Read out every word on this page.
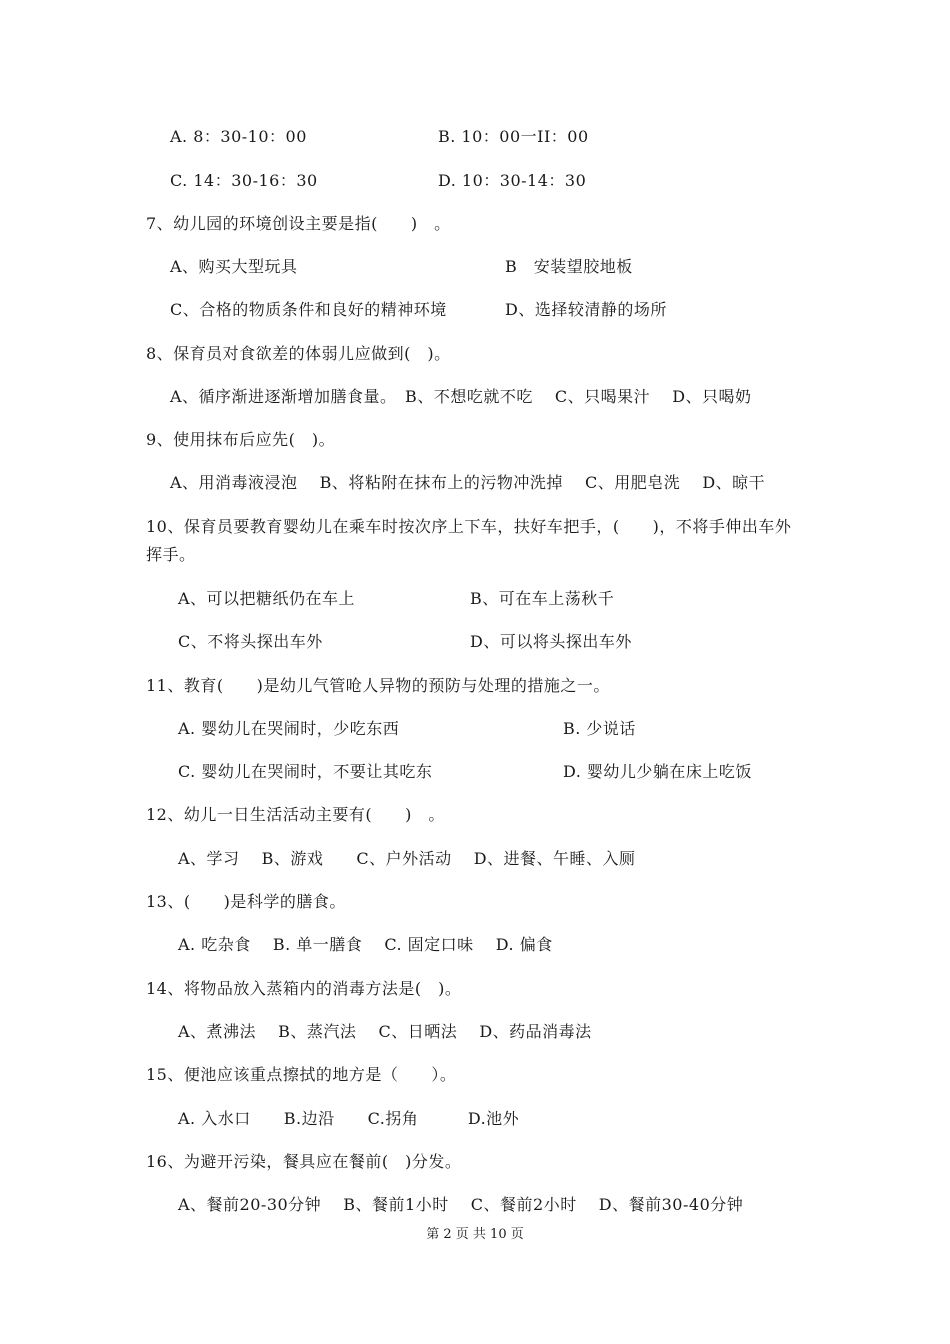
A. 8：30-10：00	B. 10：00一II：00
C. 14：30-16：30	D. 10：30-14：30
7、幼儿园的环境创设主要是指(　　)　。
A、购买大型玩具	B　安装望胶地板
C、合格的物质条件和良好的精神环境	D、选择较清静的场所
8、保育员对食欲差的体弱儿应做到(　)。
A、循序渐进逐渐增加膳食量。　B、不想吃就不吃　 C、只喝果汁　 D、只喝奶
9、使用抹布后应先(　)。
A、用消毒液浸泡　 B、将粘附在抹布上的污物冲洗掉　 C、用肥皂洗　 D、晾干
10、保育员要教育婴幼儿在乘车时按次序上下车，扶好车把手，(　　)，不将手伸出车外
挥手。
A、可以把糖纸仍在车上	B、可在车上荡秋千
C、不将头探出车外	D、可以将头探出车外
11、教育(　　)是幼儿气管呛人异物的预防与处理的措施之一。
A. 婴幼儿在哭闹时，少吃东西	B. 少说话
C. 婴幼儿在哭闹时，不要让其吃东	D. 婴幼儿少躺在床上吃饭
12、幼儿一日生活活动主要有(　　)　。
A、学习　 B、游戏　　C、户外活动　 D、进餐、午睡、入厕
13、(　　)是科学的膳食。
A. 吃杂食　 B. 单一膳食　 C. 固定口味　 D. 偏食
14、将物品放入蒸箱内的消毒方法是(　)。
A、煮沸法　 B、蒸汽法　 C、日晒法　 D、药品消毒法
15、便池应该重点擦拭的地方是（　　）。
A. 入水口　　B.边沿　　C.拐角　　　D.池外
16、为避开污染，餐具应在餐前(　)分发。
A、餐前20-30分钟　 B、餐前1小时　 C、餐前2小时　 D、餐前30-40分钟
第 2 页 共 10 页
